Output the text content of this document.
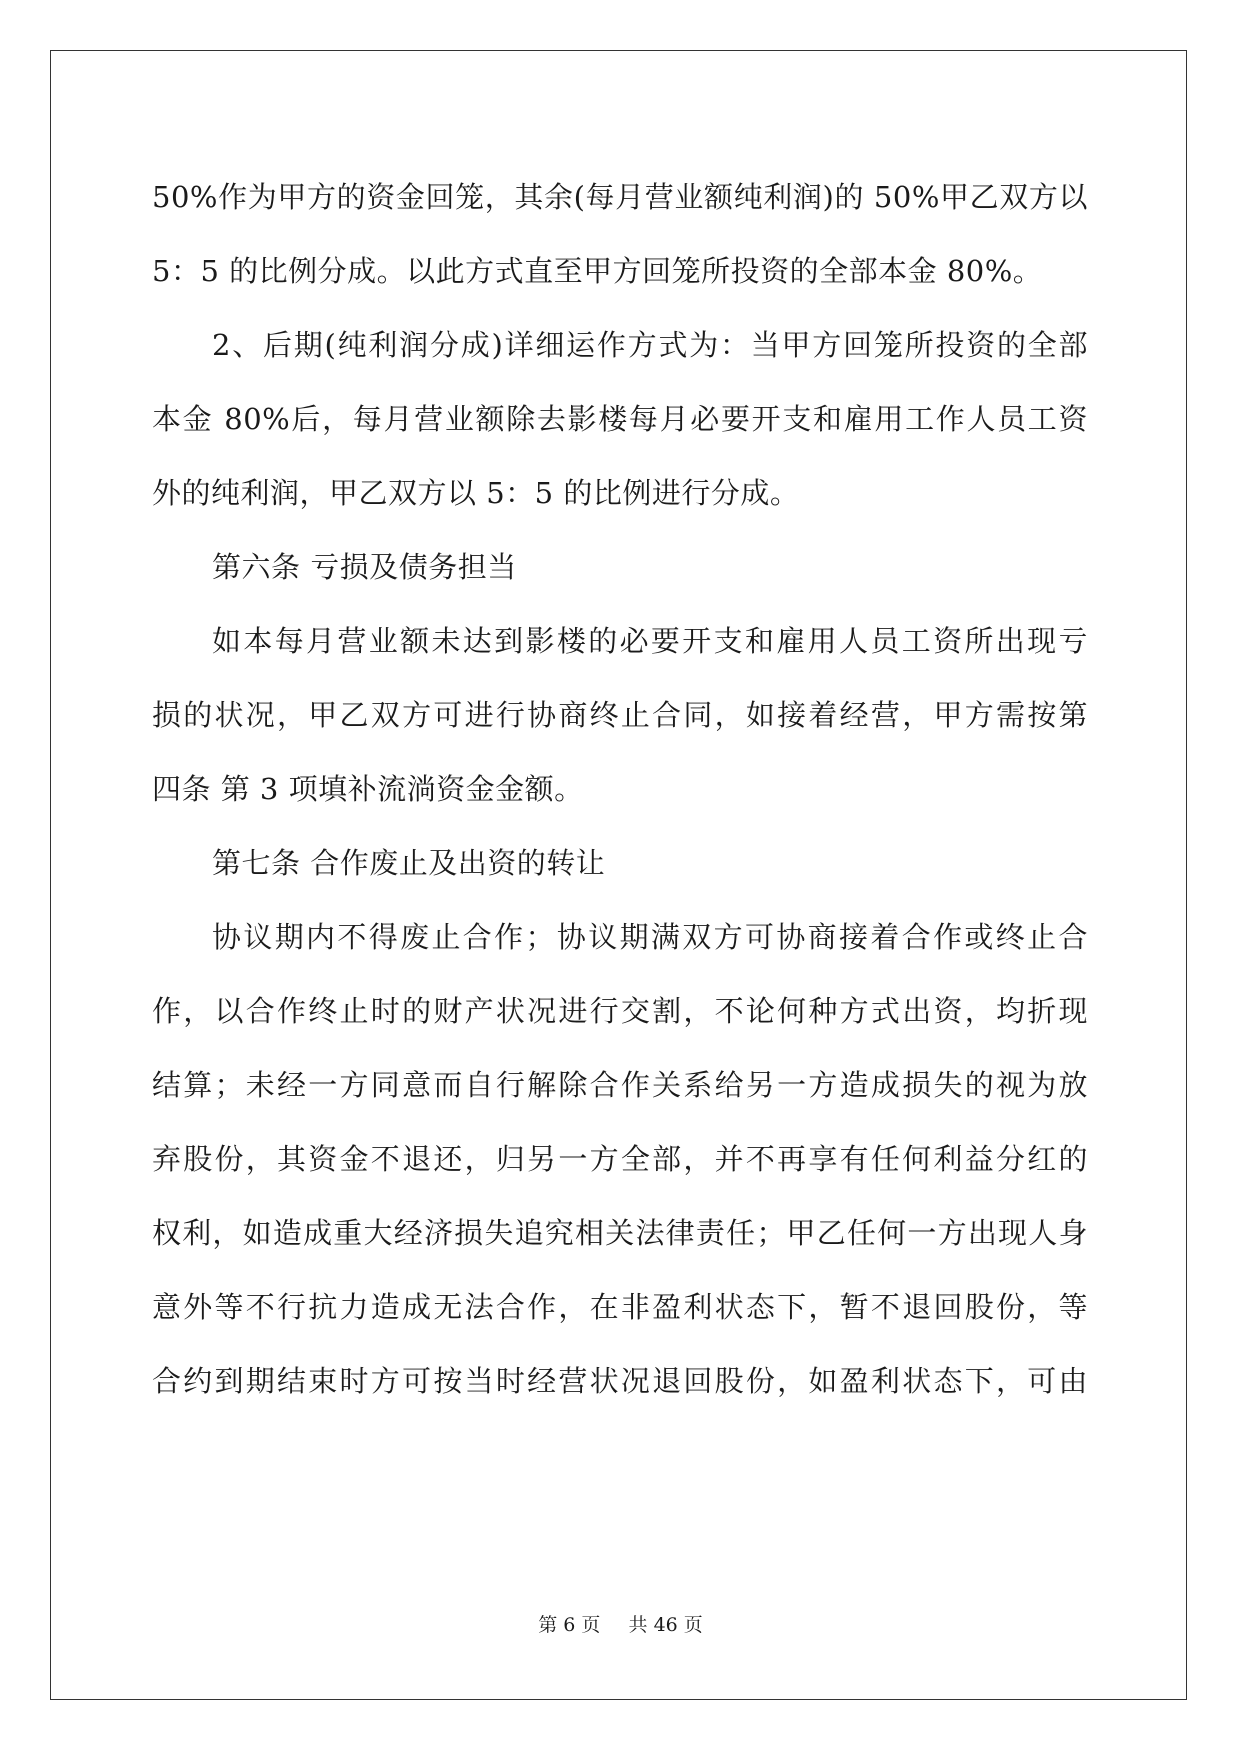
50%作为甲方的资金回笼，其余(每月营业额纯利润)的 50%甲乙双方以
5：5 的比例分成。以此方式直至甲方回笼所投资的全部本金 80%。
2、后期(纯利润分成)详细运作方式为：当甲方回笼所投资的全部
本金 80%后，每月营业额除去影楼每月必要开支和雇用工作人员工资
外的纯利润，甲乙双方以 5：5 的比例进行分成。
第六条 亏损及债务担当
如本每月营业额未达到影楼的必要开支和雇用人员工资所出现亏
损的状况，甲乙双方可进行协商终止合同，如接着经营，甲方需按第
四条 第 3 项填补流淌资金金额。
第七条 合作废止及出资的转让
协议期内不得废止合作；协议期满双方可协商接着合作或终止合
作，以合作终止时的财产状况进行交割，不论何种方式出资，均折现
结算；未经一方同意而自行解除合作关系给另一方造成损失的视为放
弃股份，其资金不退还，归另一方全部，并不再享有任何利益分红的
权利，如造成重大经济损失追究相关法律责任；甲乙任何一方出现人身
意外等不行抗力造成无法合作，在非盈利状态下，暂不退回股份，等
合约到期结束时方可按当时经营状况退回股份，如盈利状态下，可由
第 6 页 共 46 页
